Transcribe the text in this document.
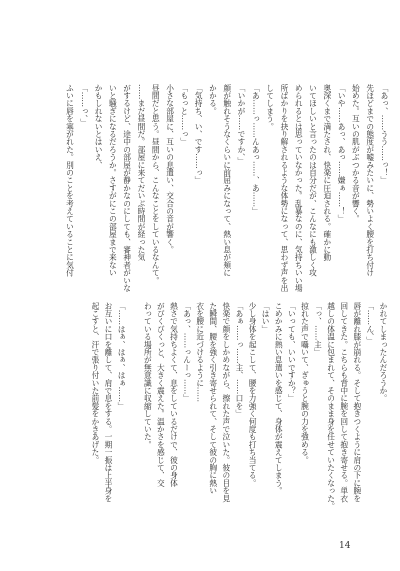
「あっ、……うう……っ！」
先ほどまでの態度が嘘みたいに、勢いよく腰を打ち付け
始めた。互いの肌がぶつかる音が響く。
「いや……あっ、あっ……嫌ぁ……！」
奥深くまで満たされ、快楽に圧迫される。確かに動
いてほしいと言ったのは自分だが、こんなにも激しく攻
められるとは思っていなかった。乱暴なのに、気持ちいい場
所ばかりを抉り解されるような体勢になって、思わず声を出
してしまう。
「あ……っ……んあっ……、あ……」
「いかが……ですか、」
顔が触れそうなくらいに前屈みになって、熱い息が頬に
かかる。
「気持ち、い、です……っ」
「もっと……っ」
小さな部屋に、互いの息遣い、交合の音が響く。
昼間だと思う。昼間から、こんなことをしているなんて。
……まだ昼間だ。部屋に来てだいぶ時間が経った気
がするけど、途中の部屋が静かなのにしても、審神者がいな
いと騒ぎになるだろうか。さすがにこの部屋まで来ない
かもしれないとはいえ、
「……っ、」
ふいに唇を塞がれた。別のことを考えていることに気付
かれてしまったんだろうか。
「……ん、」
唇が離れ膝が崩れる。そして抱きつくように肩の下に腕を
回してきた。こちらも背中に腕を回して抱き寄せる。単衣
越しの体温に包まれて、そのまま身を任せていたくなった。
「っ、……主」
掠れた声で囁いて、ぎゅうと腕の力を強める。
「いっても、いいですか？」
こめかみに熱い息遣いを感じて、身体が震えてしまう。
「はい」
少し身体を起こして、腰を力強く何度も打ち当てる。
「あぁ……っ……主、……口を」
快楽で顔をしかめながら、擦れた声で泣いた。彼の目を見
た瞬間、腰を強く引き寄せられて、そして彼の胸に熱い
衣を腰に近づけるように……
「あっ、……っんーっ……」
熱さで気持ちよくて、息をしているだけで、彼の身体
がびくびくっと、大きく震えた。温かさを感じて、交
わっている場所が無意識に収縮していた。
「……はぁ、はぁ、はぁ……」
お互いに口を離して、肩で息をする。一期一振は上半身を
起こすと、汗で張り付いた前髪をかきあげた。
14
